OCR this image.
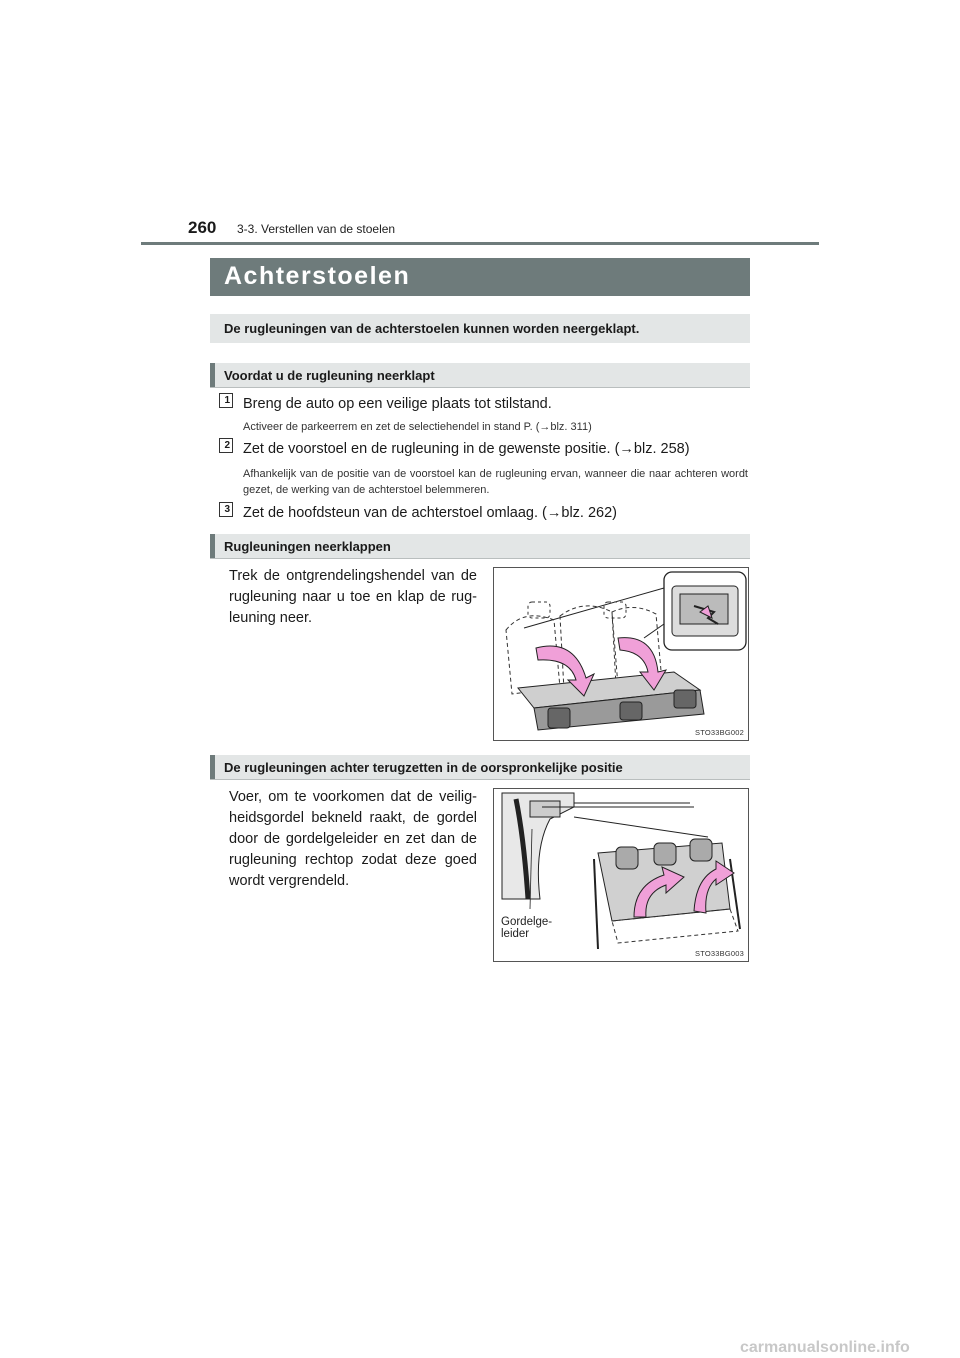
260 3-3. Verstellen van de stoelen
Achterstoelen
De rugleuningen van de achterstoelen kunnen worden neergeklapt.
Voordat u de rugleuning neerklapt
1 Breng de auto op een veilige plaats tot stilstand.
Activeer de parkeerrem en zet de selectiehendel in stand P. (→blz. 311)
2 Zet de voorstoel en de rugleuning in de gewenste positie. (→blz. 258)
Afhankelijk van de positie van de voorstoel kan de rugleuning ervan, wanneer die naar achteren wordt gezet, de werking van de achterstoel belemmeren.
3 Zet de hoofdsteun van de achterstoel omlaag. (→blz. 262)
Rugleuningen neerklappen
Trek de ontgrendelingshendel van de rugleuning naar u toe en klap de rug-leuning neer.
STO33BG002
De rugleuningen achter terugzetten in de oorspronkelijke positie
Voer, om te voorkomen dat de veilig-heidsgordel bekneld raakt, de gordel door de gordelgeleider en zet dan de rugleuning rechtop zodat deze goed wordt vergrendeld.
Gordelge-
leider
STO33BG003
carmanualsonline.info
